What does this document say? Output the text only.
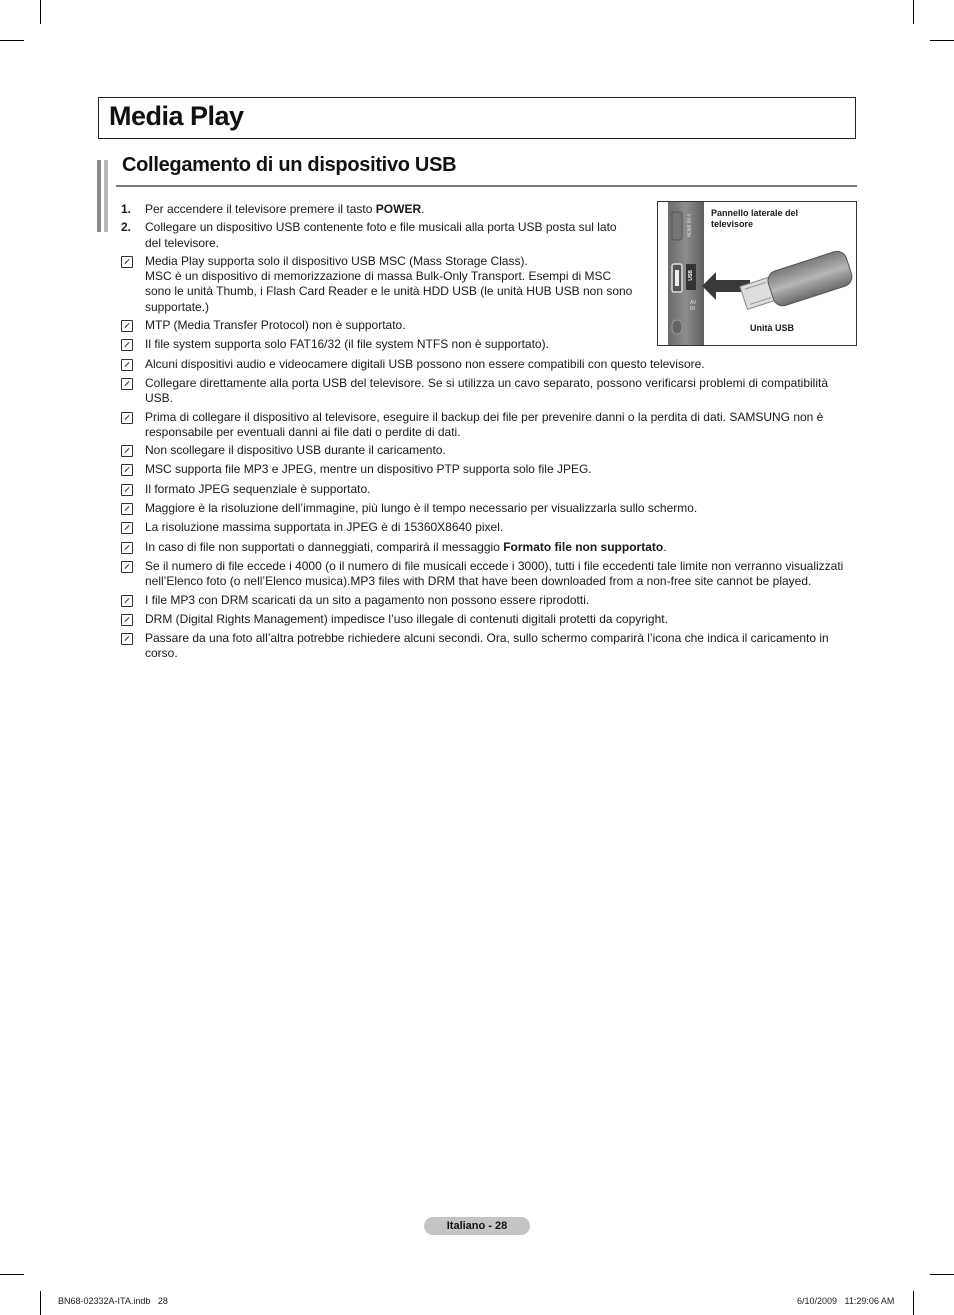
Media Play
Collegamento di un dispositivo USB
1.	Per accendere il televisore premere il tasto POWER.
2.	Collegare un dispositivo USB contenente foto e file musicali alla porta USB posta sul lato del televisore.
Media Play supporta solo il dispositivo USB MSC (Mass Storage Class).
MSC è un dispositivo di memorizzazione di massa Bulk-Only Transport. Esempi di MSC sono le unità Thumb, i Flash Card Reader e le unità HDD USB (le unità HUB USB non sono supportate.)
MTP (Media Transfer Protocol) non è supportato.
Il file system supporta solo FAT16/32 (il file system NTFS non è supportato).
Alcuni dispositivi audio e videocamere digitali USB possono non essere compatibili con questo televisore.
Collegare direttamente alla porta USB del televisore. Se si utilizza un cavo separato, possono verificarsi problemi di compatibilità USB.
Prima di collegare il dispositivo al televisore, eseguire il backup dei file per prevenire danni o la perdita di dati. SAMSUNG non è responsabile per eventuali danni ai file dati o perdite di dati.
Non scollegare il dispositivo USB durante il caricamento.
MSC supporta file MP3 e JPEG, mentre un dispositivo PTP supporta solo file JPEG.
Il formato JPEG sequenziale è supportato.
Maggiore è la risoluzione dell’immagine, più lungo è il tempo necessario per visualizzarla sullo schermo.
La risoluzione massima supportata in JPEG è di 15360X8640 pixel.
In caso di file non supportati o danneggiati, comparirà il messaggio Formato file non supportato.
Se il numero di file eccede i 4000 (o il numero di file musicali eccede i 3000), tutti i file eccedenti tale limite non verranno visualizzati nell’Elenco foto (o nell’Elenco musica).MP3 files with DRM that have been downloaded from a non-free site cannot be played.
I file MP3 con DRM scaricati da un sito a pagamento non possono essere riprodotti.
DRM (Digital Rights Management) impedisce l’uso illegale di contenuti digitali protetti da copyright.
Passare da una foto all’altra potrebbe richiedere alcuni secondi. Ora, sullo schermo comparirà l’icona che indica il caricamento in corso.
Pannello laterale del televisore
HDMI IN 4
USB
AV IN
Unità USB
Italiano - 28
BN68-02332A-ITA.indb   28	6/10/2009   11:29:06 AM
